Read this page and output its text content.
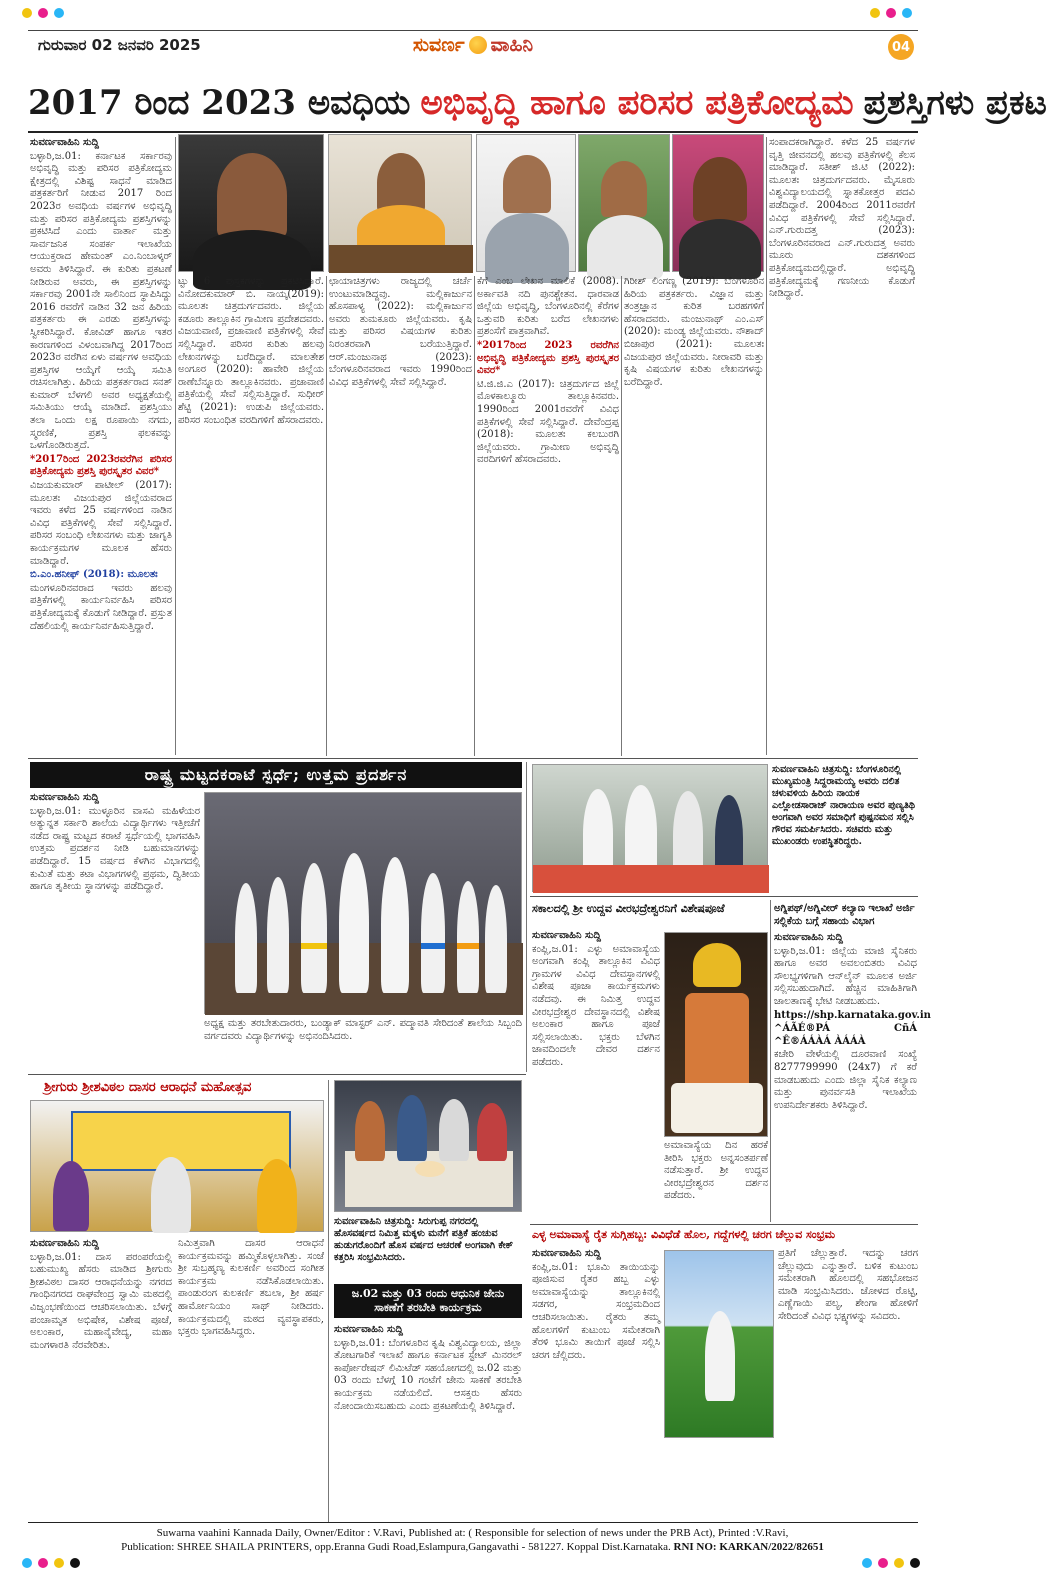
ಗುರುವಾರ 02 ಜನವರಿ 2025	ಸುವರ್ಣ ವಾಹಿನಿ	04
2017 ರಿಂದ 2023 ಅವಧಿಯ ಅಭಿವೃದ್ಧಿ ಹಾಗೂ ಪರಿಸರ ಪತ್ರಿಕೋದ್ಯಮ ಪ್ರಶಸ್ತಿಗಳು ಪ್ರಕಟ

ಸುವರ್ಣವಾಹಿನಿ ಸುದ್ದಿ

ಬಳ್ಳಾರಿ,ಜ.01: ಕರ್ನಾಟಕ ಸರ್ಕಾರವು ಅಭಿವೃದ್ಧಿ ಮತ್ತು ಪರಿಸರ ಪತ್ರಿಕೋದ್ಯಮ ಕ್ಷೇತ್ರದಲ್ಲಿ ವಿಶಿಷ್ಟ ಸಾಧನೆ ಮಾಡಿದ ಪತ್ರಕರ್ತರಿಗೆ ನೀಡುವ 2017 ರಿಂದ 2023ರ ಅವಧಿಯ ವರ್ಷಗಳ ಅಭಿವೃದ್ಧಿ ಮತ್ತು ಪರಿಸರ ಪತ್ರಿಕೋದ್ಯಮ ಪ್ರಶಸ್ತಿಗಳನ್ನು ಪ್ರಕಟಿಸಿದೆ ಎಂದು ವಾರ್ತಾ ಮತ್ತು ಸಾರ್ವಜನಿಕ ಸಂಪರ್ಕ ಇಲಾಖೆಯ ಆಯುಕ್ತರಾದ ಹೇಮಂತ್ ಎಂ.ನಿಂಬಾಳ್ಕರ್ ಅವರು ತಿಳಿಸಿದ್ದಾರೆ. ಈ ಕುರಿತು ಪ್ರಕಟಣೆ ನೀಡಿರುವ ಅವರು, ಈ ಪ್ರಶಸ್ತಿಗಳನ್ನು ಸರ್ಕಾರವು 2001ನೇ ಸಾಲಿನಿಂದ ಸ್ಥಾಪಿಸಿದ್ದು 2016 ರವರೆಗೆ ನಾಡಿನ 32 ಜನ ಹಿರಿಯ ಪತ್ರಕರ್ತರು ಈ ಎರಡು ಪ್ರಶಸ್ತಿಗಳನ್ನು ಸ್ವೀಕರಿಸಿದ್ದಾರೆ. ಕೋವಿಡ್ ಹಾಗೂ ಇತರ ಕಾರಣಗಳಿಂದ ವಿಳಂಬವಾಗಿದ್ದ 2017ರಿಂದ 2023ರ ವರೆಗಿನ ಏಳು ವರ್ಷಗಳ ಅವಧಿಯ ಪ್ರಶಸ್ತಿಗಳ ಆಯ್ಕೆಗೆ ಆಯ್ಕೆ ಸಮಿತಿ ರಚಿಸಲಾಗಿತ್ತು. ಹಿರಿಯ ಪತ್ರಕರ್ತರಾದ ಸನತ್ ಕುಮಾರ್ ಬೆಳಗಲಿ ಅವರ ಅಧ್ಯಕ್ಷತೆಯಲ್ಲಿ ಸಮಿತಿಯು ಆಯ್ಕೆ ಮಾಡಿದೆ. ಪ್ರಶಸ್ತಿಯು ತಲಾ ಒಂದು ಲಕ್ಷ ರೂಪಾಯಿ ನಗದು, ಸ್ಮರಣಿಕೆ, ಪ್ರಶಸ್ತಿ ಫಲಕವನ್ನು ಒಳಗೊಂಡಿರುತ್ತದೆ.

*2017ರಿಂದ 2023ರವರೆಗಿನ ಪರಿಸರ ಪತ್ರಿಕೋದ್ಯಮ ಪ್ರಶಸ್ತಿ ಪುರಸ್ಕೃತರ ವಿವರ*

ವಿಜಯಕುಮಾರ್ ಪಾಟೀಲ್ (2017): ಮೂಲತಃ ವಿಜಯಪುರ ಜಿಲ್ಲೆಯವರಾದ ಇವರು ಕಳೆದ 25 ವರ್ಷಗಳಿಂದ ನಾಡಿನ ವಿವಿಧ ಪತ್ರಿಕೆಗಳಲ್ಲಿ ಸೇವೆ ಸಲ್ಲಿಸಿದ್ದಾರೆ. ಪರಿಸರ ಸಂಬಂಧಿ ಲೇಖನಗಳು ಮತ್ತು ಜಾಗೃತಿ ಕಾರ್ಯಕ್ರಮಗಳ ಮೂಲಕ ಹೆಸರು ಮಾಡಿದ್ದಾರೆ.

ಬಿ.ಎಂ.ಹನೀಫ್ (2018): ಮೂಲತಃ

ಮಂಗಳೂರಿನವರಾದ ಇವರು ಹಲವು ಪತ್ರಿಕೆಗಳಲ್ಲಿ ಕಾರ್ಯನಿರ್ವಹಿಸಿ ಪರಿಸರ ಪತ್ರಿಕೋದ್ಯಮಕ್ಕೆ ಕೊಡುಗೆ ನೀಡಿದ್ದಾರೆ. ಪ್ರಸ್ತುತ ದೆಹಲಿಯಲ್ಲಿ ಕಾರ್ಯನಿರ್ವಹಿಸುತ್ತಿದ್ದಾರೆ.

ಟ್ಟು 6 ಪುಸ್ತಕಗಳನ್ನು ಪ್ರಕಟಿಸಿದ್ದಾರೆ. ವಿನೋದಕುಮಾರ್ ಬಿ. ನಾಯ್ಕ(2019): ಮೂಲತಃ ಚಿತ್ರದುರ್ಗದವರು. ಜಿಲ್ಲೆಯ ಕಡೂರು ತಾಲ್ಲೂಕಿನ ಗ್ರಾಮೀಣ ಪ್ರದೇಶದವರು. ವಿಜಯವಾಣಿ, ಪ್ರಜಾವಾಣಿ ಪತ್ರಿಕೆಗಳಲ್ಲಿ ಸೇವೆ ಸಲ್ಲಿಸಿದ್ದಾರೆ. ಪರಿಸರ ಕುರಿತು ಹಲವು ಲೇಖನಗಳನ್ನು ಬರೆದಿದ್ದಾರೆ. ಮಾಲತೇಶ ಅಂಗೂರ (2020): ಹಾವೇರಿ ಜಿಲ್ಲೆಯ ರಾಣೆಬೆನ್ನೂರು ತಾಲ್ಲೂಕಿನವರು. ಪ್ರಜಾವಾಣಿ ಪತ್ರಿಕೆಯಲ್ಲಿ ಸೇವೆ ಸಲ್ಲಿಸುತ್ತಿದ್ದಾರೆ. ಸುಧೀರ್ ಶೆಟ್ಟಿ (2021): ಉಡುಪಿ ಜಿಲ್ಲೆಯವರು. ಪರಿಸರ ಸಂಬಂಧಿತ ವರದಿಗಳಿಗೆ ಹೆಸರಾದವರು.

ಛಾಯಾಚಿತ್ರಗಳು ರಾಜ್ಯದಲ್ಲಿ ಚರ್ಚೆ ಉಂಟುಮಾಡಿದ್ದವು. ಮಲ್ಲಿಕಾರ್ಜುನ ಹೊಸಪಾಳ್ಯ (2022): ಮಲ್ಲಿಕಾರ್ಜುನ ಅವರು ತುಮಕೂರು ಜಿಲ್ಲೆಯವರು. ಕೃಷಿ ಮತ್ತು ಪರಿಸರ ವಿಷಯಗಳ ಕುರಿತು ನಿರಂತರವಾಗಿ ಬರೆಯುತ್ತಿದ್ದಾರೆ. ಆರ್.ಮಂಜುನಾಥ (2023): ಬೆಂಗಳೂರಿನವರಾದ ಇವರು 1990ರಿಂದ ವಿವಿಧ ಪತ್ರಿಕೆಗಳಲ್ಲಿ ಸೇವೆ ಸಲ್ಲಿಸಿದ್ದಾರೆ.

ಕೆಗೆ ಎಂಬ ಲೇಖನ ಮಾಲಿಕೆ (2008). ಅರ್ಕಾವತಿ ನದಿ ಪುನಶ್ಚೇತನ. ಧಾರವಾಡ ಜಿಲ್ಲೆಯ ಅಭಿವೃದ್ಧಿ, ಬೆಂಗಳೂರಿನಲ್ಲಿ ಕೆರೆಗಳ ಒತ್ತುವರಿ ಕುರಿತು ಬರೆದ ಲೇಖನಗಳು ಪ್ರಶಂಸೆಗೆ ಪಾತ್ರವಾಗಿವೆ.

*2017ರಿಂದ 2023 ರವರೆಗಿನ ಅಭಿವೃದ್ಧಿ ಪತ್ರಿಕೋದ್ಯಮ ಪ್ರಶಸ್ತಿ ಪುರಸ್ಕೃತರ ವಿವರ*

ಟಿ.ಜಿ.ಜಿ.ಎ (2017): ಚಿತ್ರದುರ್ಗದ ಜಿಲ್ಲೆ ಮೊಳಕಾಲ್ಮೂರು ತಾಲ್ಲೂಕಿನವರು. 1990ರಿಂದ 2001ರವರೆಗೆ ವಿವಿಧ ಪತ್ರಿಕೆಗಳಲ್ಲಿ ಸೇವೆ ಸಲ್ಲಿಸಿದ್ದಾರೆ. ದೇವೆಂದ್ರಪ್ಪ (2018): ಮೂಲತಃ ಕಲಬುರಗಿ ಜಿಲ್ಲೆಯವರು. ಗ್ರಾಮೀಣ ಅಭಿವೃದ್ಧಿ ವರದಿಗಳಿಗೆ ಹೆಸರಾದವರು.

ಗಿರೀಶ್ ಲಿಂಗಣ್ಣ (2019): ಬೆಂಗಳೂರಿನ ಹಿರಿಯ ಪತ್ರಕರ್ತರು. ವಿಜ್ಞಾನ ಮತ್ತು ತಂತ್ರಜ್ಞಾನ ಕುರಿತ ಬರಹಗಳಿಗೆ ಹೆಸರಾದವರು. ಮಂಜುನಾಥ್ ಎಂ.ಎಸ್ (2020): ಮಂಡ್ಯ ಜಿಲ್ಲೆಯವರು. ನೌಶಾದ್ ಬಿಜಾಪುರ (2021): ಮೂಲತಃ ವಿಜಯಪುರ ಜಿಲ್ಲೆಯವರು. ನೀರಾವರಿ ಮತ್ತು ಕೃಷಿ ವಿಷಯಗಳ ಕುರಿತು ಲೇಖನಗಳನ್ನು ಬರೆದಿದ್ದಾರೆ.

ಸಂಪಾದಕರಾಗಿದ್ದಾರೆ. ಕಳೆದ 25 ವರ್ಷಗಳ ವೃತ್ತಿ ಜೀವನದಲ್ಲಿ ಹಲವು ಪತ್ರಿಕೆಗಳಲ್ಲಿ ಕೆಲಸ ಮಾಡಿದ್ದಾರೆ. ಸತೀಶ್ ಜಿ.ಟಿ (2022): ಮೂಲತಃ ಚಿತ್ರದುರ್ಗದವರು. ಮೈಸೂರು ವಿಶ್ವವಿದ್ಯಾಲಯದಲ್ಲಿ ಸ್ನಾತಕೋತ್ತರ ಪದವಿ ಪಡೆದಿದ್ದಾರೆ. 2004ರಿಂದ 2011ರವರೆಗೆ ವಿವಿಧ ಪತ್ರಿಕೆಗಳಲ್ಲಿ ಸೇವೆ ಸಲ್ಲಿಸಿದ್ದಾರೆ. ಎನ್.ಗುರುದತ್ತ (2023): ಬೆಂಗಳೂರಿನವರಾದ ಎನ್.ಗುರುದತ್ತ ಅವರು ಮೂರು ದಶಕಗಳಿಂದ ಪತ್ರಿಕೋದ್ಯಮದಲ್ಲಿದ್ದಾರೆ. ಅಭಿವೃದ್ಧಿ ಪತ್ರಿಕೋದ್ಯಮಕ್ಕೆ ಗಣನೀಯ ಕೊಡುಗೆ ನೀಡಿದ್ದಾರೆ.

ರಾಷ್ಟ್ರ ಮಟ್ಟದಕರಾಟೆ ಸ್ಪರ್ಧೆ; ಉತ್ತಮ ಪ್ರದರ್ಶನ

ಸುವರ್ಣವಾಹಿನಿ ಸುದ್ದಿ

ಬಳ್ಳಾರಿ,ಜ.01: ಮುಳ್ಳೂರಿನ ವಾಸವಿ ಮಹಿಳೆಯರ ಅತ್ಯುನ್ನತ ಸರ್ಕಾರಿ ಶಾಲೆಯ ವಿದ್ಯಾರ್ಥಿಗಳು ಇತ್ತೀಚೆಗೆ ನಡೆದ ರಾಷ್ಟ್ರ ಮಟ್ಟದ ಕರಾಟೆ ಸ್ಪರ್ಧೆಯಲ್ಲಿ ಭಾಗವಹಿಸಿ ಉತ್ತಮ ಪ್ರದರ್ಶನ ನೀಡಿ ಬಹುಮಾನಗಳನ್ನು ಪಡೆದಿದ್ದಾರೆ. 15 ವರ್ಷದ ಕೆಳಗಿನ ವಿಭಾಗದಲ್ಲಿ ಕುಮಿತೆ ಮತ್ತು ಕಟಾ ವಿಭಾಗಗಳಲ್ಲಿ ಪ್ರಥಮ, ದ್ವಿತೀಯ ಹಾಗೂ ತೃತೀಯ ಸ್ಥಾನಗಳನ್ನು ಪಡೆದಿದ್ದಾರೆ.

ಅಧ್ಯಕ್ಷ ಮತ್ತು ತರಬೇತುದಾರರು, ಬಂಡ್ಯಾಕ್ ಮಾಸ್ಟರ್ ಎನ್. ಪದ್ಮಾವತಿ ಸೇರಿದಂತೆ ಶಾಲೆಯ ಸಿಬ್ಬಂದಿ ವರ್ಗದವರು ವಿದ್ಯಾರ್ಥಿಗಳನ್ನು ಅಭಿನಂದಿಸಿದರು.

ಸುವರ್ಣವಾಹಿನಿ ಚಿತ್ರಸುದ್ದಿ: ಬೆಂಗಳೂರಿನಲ್ಲಿ ಮುಖ್ಯಮಂತ್ರಿ ಸಿದ್ದರಾಮಯ್ಯ ಅವರು ದಲಿತ ಚಳುವಳಿಯ ಹಿರಿಯ ನಾಯಕ ಎಲ್ಲೋಡಸಾರಾಜ್ ನಾರಾಯಣ ಅವರ ಪುಣ್ಯತಿಥಿ ಅಂಗವಾಗಿ ಅವರ ಸಮಾಧಿಗೆ ಪುಷ್ಪನಮನ ಸಲ್ಲಿಸಿ ಗೌರವ ಸಮರ್ಪಿಸಿದರು. ಸಚಿವರು ಮತ್ತು ಮುಖಂಡರು ಉಪಸ್ಥಿತರಿದ್ದರು.
ಸಕಾಲದಲ್ಲಿ ಶ್ರೀ ಉದ್ದವ ವೀರಭದ್ರೇಶ್ವರನಿಗೆ ವಿಶೇಷಪೂಜೆ

ಸುವರ್ಣವಾಹಿನಿ ಸುದ್ದಿ

ಕಂಪ್ಲಿ,ಜ.01: ಎಳ್ಳು ಅಮಾವಾಸ್ಯೆಯ ಅಂಗವಾಗಿ ಕಂಪ್ಲಿ ತಾಲ್ಲೂಕಿನ ವಿವಿಧ ಗ್ರಾಮಗಳ ವಿವಿಧ ದೇವಸ್ಥಾನಗಳಲ್ಲಿ ವಿಶೇಷ ಪೂಜಾ ಕಾರ್ಯಕ್ರಮಗಳು ನಡೆದವು. ಈ ನಿಮಿತ್ತ ಉದ್ದವ ವೀರಭದ್ರೇಶ್ವರ ದೇವಸ್ಥಾನದಲ್ಲಿ ವಿಶೇಷ ಅಲಂಕಾರ ಹಾಗೂ ಪೂಜೆ ಸಲ್ಲಿಸಲಾಯಿತು. ಭಕ್ತರು ಬೆಳಗಿನ ಜಾವದಿಂದಲೇ ದೇವರ ದರ್ಶನ ಪಡೆದರು.

ಅಮಾವಾಸ್ಯೆಯ ದಿನ ಹರಕೆ ತೀರಿಸಿ ಭಕ್ತರು ಅನ್ನಸಂತರ್ಪಣೆ ನಡೆಸುತ್ತಾರೆ. ಶ್ರೀ ಉದ್ದವ ವೀರಭದ್ರೇಶ್ವರನ ದರ್ಶನ ಪಡೆದರು.

ಅಗ್ನಿಪಥ್/ಅಗ್ನಿವೀರ್ ಕಲ್ಯಾಣ ಇಲಾಖೆ ಅರ್ಜಿ ಸಲ್ಲಿಕೆಯ ಬಗ್ಗೆ ಸಹಾಯ ವಿಭಾಗ

ಸುವರ್ಣವಾಹಿನಿ ಸುದ್ದಿ

ಬಳ್ಳಾರಿ,ಜ.01: ಜಿಲ್ಲೆಯ ಮಾಜಿ ಸೈನಿಕರು ಹಾಗೂ ಅವರ ಅವಲಂಬಿತರು ವಿವಿಧ ಸೌಲಭ್ಯಗಳಿಗಾಗಿ ಆನ್‌ಲೈನ್ ಮೂಲಕ ಅರ್ಜಿ ಸಲ್ಲಿಸಬಹುದಾಗಿದೆ. ಹೆಚ್ಚಿನ ಮಾಹಿತಿಗಾಗಿ ಜಾಲತಾಣಕ್ಕೆ ಭೇಟಿ ನೀಡಬಹುದು.

https://shp.karnataka.gov.in

^ÁÃÉ®PÁ CñÁ ^Ê®ÁÁÀÁ ÀÁÁÀ

ಕಚೇರಿ ವೇಳೆಯಲ್ಲಿ ದೂರವಾಣಿ ಸಂಖ್ಯೆ 8277799990 (24x7) ಗೆ ಕರೆ ಮಾಡಬಹುದು ಎಂದು ಜಿಲ್ಲಾ ಸೈನಿಕ ಕಲ್ಯಾಣ ಮತ್ತು ಪುನರ್ವಸತಿ ಇಲಾಖೆಯ ಉಪನಿರ್ದೇಶಕರು ತಿಳಿಸಿದ್ದಾರೆ.

ಶ್ರೀಗುರು ಶ್ರೀಶವಿಠಲ ದಾಸರ ಆರಾಧನೆ ಮಹೋತ್ಸವ

ಸುವರ್ಣವಾಹಿನಿ ಸುದ್ದಿ

ಬಳ್ಳಾರಿ,ಜ.01: ದಾಸ ಪರಂಪರೆಯಲ್ಲಿ ಬಹುಮುಖ್ಯ ಹೆಸರು ಮಾಡಿದ ಶ್ರೀಗುರು ಶ್ರೀಶವಿಠಲ ದಾಸರ ಆರಾಧನೆಯನ್ನು ನಗರದ ಗಾಂಧಿನಗರದ ರಾಘವೇಂದ್ರ ಸ್ವಾಮಿ ಮಠದಲ್ಲಿ ವಿಜೃಂಭಣೆಯಿಂದ ಆಚರಿಸಲಾಯಿತು. ಬೆಳಗ್ಗೆ ಪಂಚಾಮೃತ ಅಭಿಷೇಕ, ವಿಶೇಷ ಪೂಜೆ, ಅಲಂಕಾರ, ಮಹಾನೈವೇದ್ಯ, ಮಹಾ ಮಂಗಳಾರತಿ ನೆರವೇರಿತು.

ನಿಮಿತ್ತವಾಗಿ ದಾಸರ ಆರಾಧನೆ ಕಾರ್ಯಕ್ರಮವನ್ನು ಹಮ್ಮಿಕೊಳ್ಳಲಾಗಿತ್ತು. ಸಂಜೆ ಶ್ರೀ ಸುಬ್ರಹ್ಮಣ್ಯ ಕುಲಕರ್ಣಿ ಅವರಿಂದ ಸಂಗೀತ ಕಾರ್ಯಕ್ರಮ ನಡೆಸಿಕೊಡಲಾಯಿತು. ಪಾಂಡುರಂಗ ಕುಲಕರ್ಣಿ ತಬಲಾ, ಶ್ರೀ ಹರ್ಷ ಹಾರ್ಮೋನಿಯಂ ಸಾಥ್ ನೀಡಿದರು. ಕಾರ್ಯಕ್ರಮದಲ್ಲಿ ಮಠದ ವ್ಯವಸ್ಥಾಪಕರು, ಭಕ್ತರು ಭಾಗವಹಿಸಿದ್ದರು.

ಸುವರ್ಣವಾಹಿನಿ ಚಿತ್ರಸುದ್ದಿ: ಸಿರುಗುಪ್ಪ ನಗರದಲ್ಲಿ ಹೊಸವರ್ಷದ ನಿಮಿತ್ತ ಮಕ್ಕಳು ಮನೆಗೆ ಪತ್ರಿಕೆ ಹಂಚುವ ಹುಡುಗರೊಂದಿಗೆ ಹೊಸ ವರ್ಷದ ಆಚರಣೆ ಅಂಗವಾಗಿ ಕೇಕ್ ಕತ್ತರಿಸಿ ಸಂಭ್ರಮಿಸಿದರು.
ಜ.02 ಮತ್ತು 03 ರಂದು ಆಧುನಿಕ ಜೇನು ಸಾಕಣೆಗೆ ತರಬೇತಿ ಕಾರ್ಯಕ್ರಮ

ಸುವರ್ಣವಾಹಿನಿ ಸುದ್ದಿ

ಬಳ್ಳಾರಿ,ಜ.01: ಬೆಂಗಳೂರಿನ ಕೃಷಿ ವಿಶ್ವವಿದ್ಯಾಲಯ, ಜಿಲ್ಲಾ ತೋಟಗಾರಿಕೆ ಇಲಾಖೆ ಹಾಗೂ ಕರ್ನಾಟಕ ಸ್ಟೇಟ್ ಮಿನರಲ್ ಕಾರ್ಪೋರೇಷನ್ ಲಿಮಿಟೆಡ್ ಸಹಯೋಗದಲ್ಲಿ ಜ.02 ಮತ್ತು 03 ರಂದು ಬೆಳಗ್ಗೆ 10 ಗಂಟೆಗೆ ಜೇನು ಸಾಕಣೆ ತರಬೇತಿ ಕಾರ್ಯಕ್ರಮ ನಡೆಯಲಿದೆ. ಆಸಕ್ತರು ಹೆಸರು ನೋಂದಾಯಿಸಬಹುದು ಎಂದು ಪ್ರಕಟಣೆಯಲ್ಲಿ ತಿಳಿಸಿದ್ದಾರೆ.

ಎಳ್ಳ ಅಮಾವಾಸ್ಯೆ ರೈತ ಸುಗ್ಗಿಹಬ್ಬ: ವಿವಿಧೆಡೆ ಹೊಲ, ಗದ್ದೆಗಳಲ್ಲಿ ಚರಗ ಚೆಲ್ಲುವ ಸಂಭ್ರಮ

ಸುವರ್ಣವಾಹಿನಿ ಸುದ್ದಿ

ಕಂಪ್ಲಿ,ಜ.01: ಭೂಮಿ ತಾಯಿಯನ್ನು ಪೂಜಿಸುವ ರೈತರ ಹಬ್ಬ ಎಳ್ಳು ಅಮಾವಾಸ್ಯೆಯನ್ನು ತಾಲ್ಲೂಕಿನಲ್ಲಿ ಸಡಗರ, ಸಂಭ್ರಮದಿಂದ ಆಚರಿಸಲಾಯಿತು. ರೈತರು ತಮ್ಮ ಹೊಲಗಳಿಗೆ ಕುಟುಂಬ ಸಮೇತರಾಗಿ ತೆರಳಿ ಭೂಮಿ ತಾಯಿಗೆ ಪೂಜೆ ಸಲ್ಲಿಸಿ ಚರಗ ಚೆಲ್ಲಿದರು.

ಪ್ರತಿಗೆ ಚೆಲ್ಲುತ್ತಾರೆ. ಇದನ್ನು ಚರಗ ಚೆಲ್ಲುವುದು ಎನ್ನುತ್ತಾರೆ. ಬಳಿಕ ಕುಟುಂಬ ಸಮೇತರಾಗಿ ಹೊಲದಲ್ಲಿ ಸಹಭೋಜನ ಮಾಡಿ ಸಂಭ್ರಮಿಸಿದರು. ಜೋಳದ ರೊಟ್ಟಿ, ಎಣ್ಣೆಗಾಯಿ ಪಲ್ಯ, ಶೇಂಗಾ ಹೋಳಿಗೆ ಸೇರಿದಂತೆ ವಿವಿಧ ಭಕ್ಷ್ಯಗಳನ್ನು ಸವಿದರು.

Suwarna vaahini Kannada Daily, Owner/Editor : V.Ravi, Published at: ( Responsible for selection of news under the PRB Act), Printed :V.Ravi,
Publication: SHREE SHAILA PRINTERS, opp.Eranna Gudi Road,Eslampura,Gangavathi - 581227. Koppal Dist.Karnataka. RNI NO: KARKAN/2022/82651
